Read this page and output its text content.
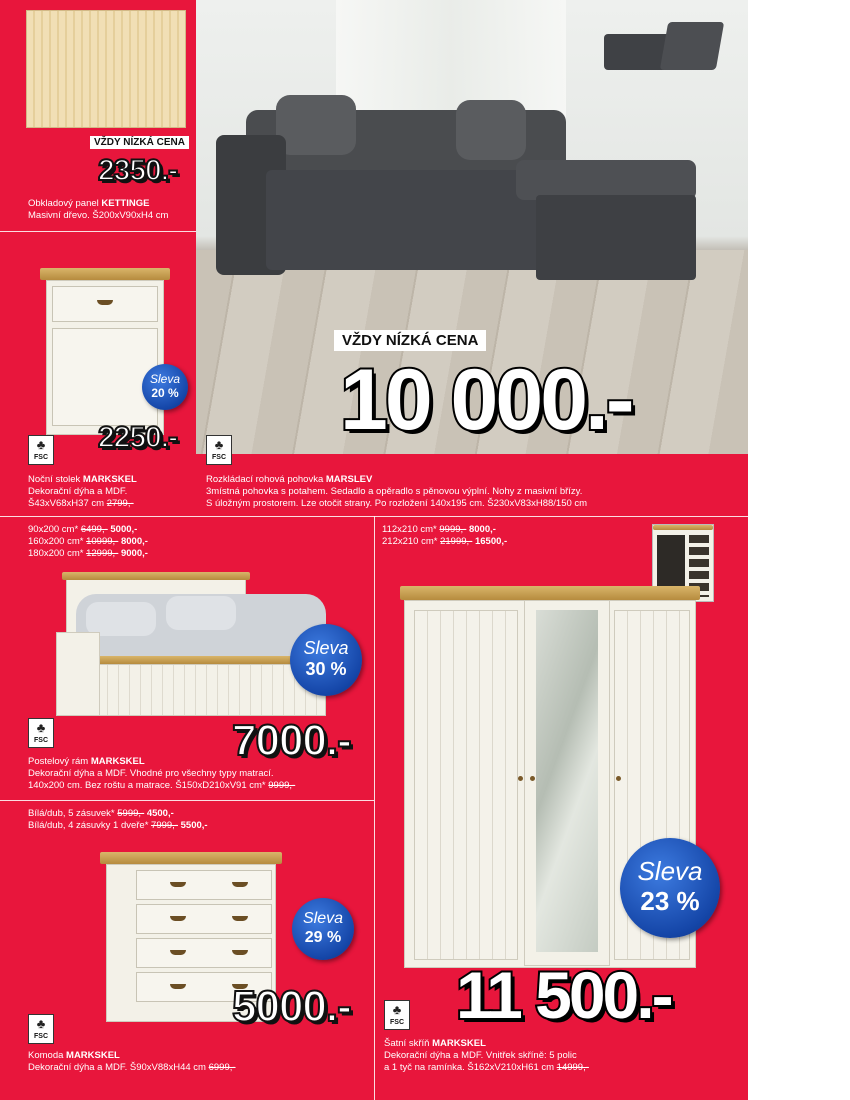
VŽDY NÍZKÁ CENA
VŽDY NÍZKÁ CENA
2350.-
Obkladový panel KETTINGE
Masivní dřevo. Š200xV90xH4 cm
Sleva
20 %
2250.-
♣
FSC
Noční stolek MARKSKEL
Dekorační dýha a MDF.
Š43xV68xH37 cm 2799,-
10 000.-
♣
FSC
Rozkládací rohová pohovka MARSLEV
3místná pohovka s potahem. Sedadlo a opěradlo s pěnovou výplní. Nohy z masivní břízy.
S úložným prostorem. Lze otočit strany. Po rozložení 140x195 cm. Š230xV83xH88/150 cm
90x200 cm* 6499,- 5000,-
160x200 cm* 10999,- 8000,-
180x200 cm* 12999,- 9000,-
Sleva
30 %
7000.-
♣
FSC
Postelový rám MARKSKEL
Dekorační dýha a MDF. Vhodné pro všechny typy matrací.
140x200 cm. Bez roštu a matrace. Š150xD210xV91 cm* 9999,-
Bílá/dub, 5 zásuvek* 5999,- 4500,-
Bílá/dub, 4 zásuvky 1 dveře* 7999,- 5500,-
Sleva
29 %
5000.-
♣
FSC
Komoda MARKSKEL
Dekorační dýha a MDF. Š90xV88xH44 cm 6999,-
112x210 cm* 9999,- 8000,-
212x210 cm* 21999,- 16500,-
Sleva
23 %
11 500.-
♣
FSC
Šatní skříň MARKSKEL
Dekorační dýha a MDF. Vnitřek skříně: 5 polic
a 1 tyč na ramínka. Š162xV210xH61 cm 14999,-
